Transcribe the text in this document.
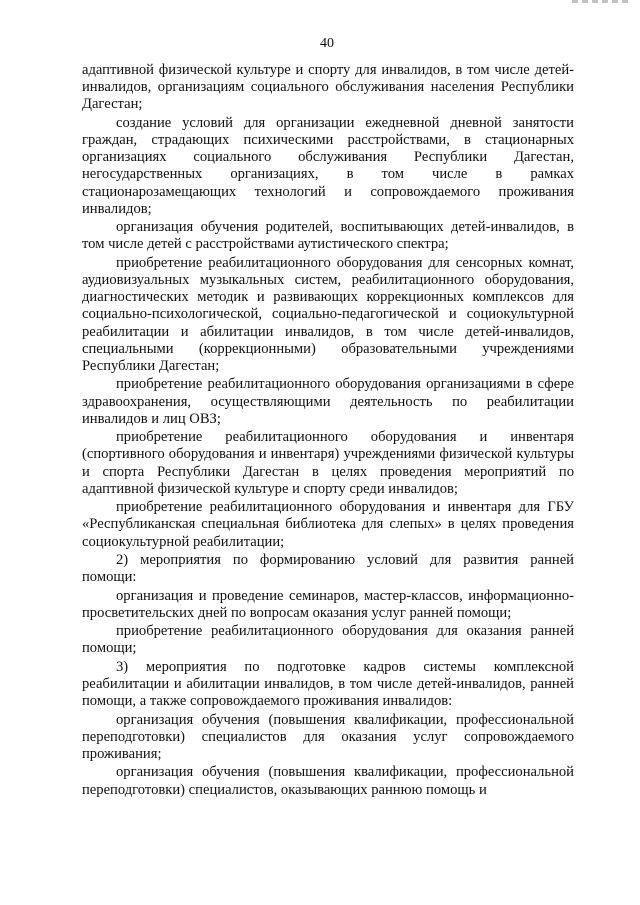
40

адаптивной физической культуре и спорту для инвалидов, в том числе детей-инвалидов, организациям социального обслуживания населения Республики Дагестан;

создание условий для организации ежедневной дневной занятости граждан, страдающих психическими расстройствами, в стационарных организациях социального обслуживания Республики Дагестан, негосударственных организациях, в том числе в рамках стационарозамещающих технологий и сопровождаемого проживания инвалидов;

организация обучения родителей, воспитывающих детей-инвалидов, в том числе детей с расстройствами аутистического спектра;

приобретение реабилитационного оборудования для сенсорных комнат, аудиовизуальных музыкальных систем, реабилитационного оборудования, диагностических методик и развивающих коррекционных комплексов для социально-психологической, социально-педагогической и социокультурной реабилитации и абилитации инвалидов, в том числе детей-инвалидов, специальными (коррекционными) образовательными учреждениями Республики Дагестан;

приобретение реабилитационного оборудования организациями в сфере здравоохранения, осуществляющими деятельность по реабилитации инвалидов и лиц ОВЗ;

приобретение реабилитационного оборудования и инвентаря (спортивного оборудования и инвентаря) учреждениями физической культуры и спорта Республики Дагестан в целях проведения мероприятий по адаптивной физической культуре и спорту среди инвалидов;

приобретение реабилитационного оборудования и инвентаря для ГБУ «Республиканская специальная библиотека для слепых» в целях проведения социокультурной реабилитации;

2) мероприятия по формированию условий для развития ранней помощи:

организация и проведение семинаров, мастер-классов, информационно-просветительских дней по вопросам оказания услуг ранней помощи;

приобретение реабилитационного оборудования для оказания ранней помощи;

3) мероприятия по подготовке кадров системы комплексной реабилитации и абилитации инвалидов, в том числе детей-инвалидов, ранней помощи, а также сопровождаемого проживания инвалидов:

организация обучения (повышения квалификации, профессиональной переподготовки) специалистов для оказания услуг сопровождаемого проживания;

организация обучения (повышения квалификации, профессиональной переподготовки) специалистов, оказывающих раннюю помощь и
